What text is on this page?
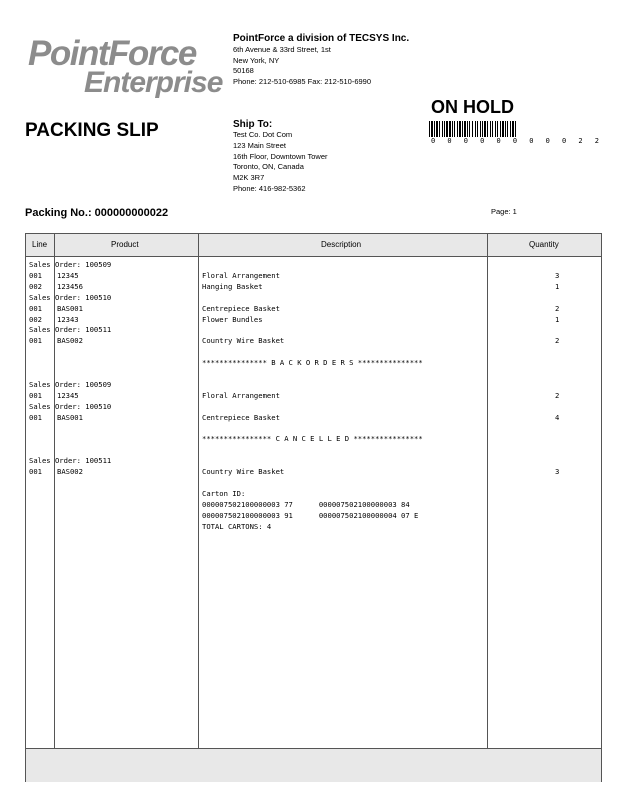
PointForce
Enterprise
PointForce a division of TECSYS Inc.
6th Avenue & 33rd Street, 1st
New York, NY
50168
Phone: 212-510-6985 Fax: 212-510-6990
PACKING SLIP	Ship To:
Test Co. Dot Com
123 Main Street
16th Floor, Downtown Tower
Toronto, ON, Canada
M2K 3R7
Phone: 416-982-5362
ON HOLD
0 0 0 0 0 0 0 0 0 2 2
Packing No.: 000000000022	Page: 1
Line	Product	Description	Quantity
Sales Order: 100509
001 12345	Floral Arrangement	3
002 123456	Hanging Basket	1
Sales Order: 100510
001 BAS001	Centrepiece Basket	2
002 12343	Flower Bundles	1
Sales Order: 100511
001 BAS002	Country Wire Basket	2
*************** B A C K O R D E R S ***************
Sales Order: 100509
001 12345	Floral Arrangement	2
Sales Order: 100510
001 BAS001	Centrepiece Basket	4
**************** C A N C E L L E D ****************
Sales Order: 100511
001 BAS002	Country Wire Basket	3
Carton ID:
000007502100000003 77      000007502100000003 84
000007502100000003 91      000007502100000004 07 E
TOTAL CARTONS: 4
